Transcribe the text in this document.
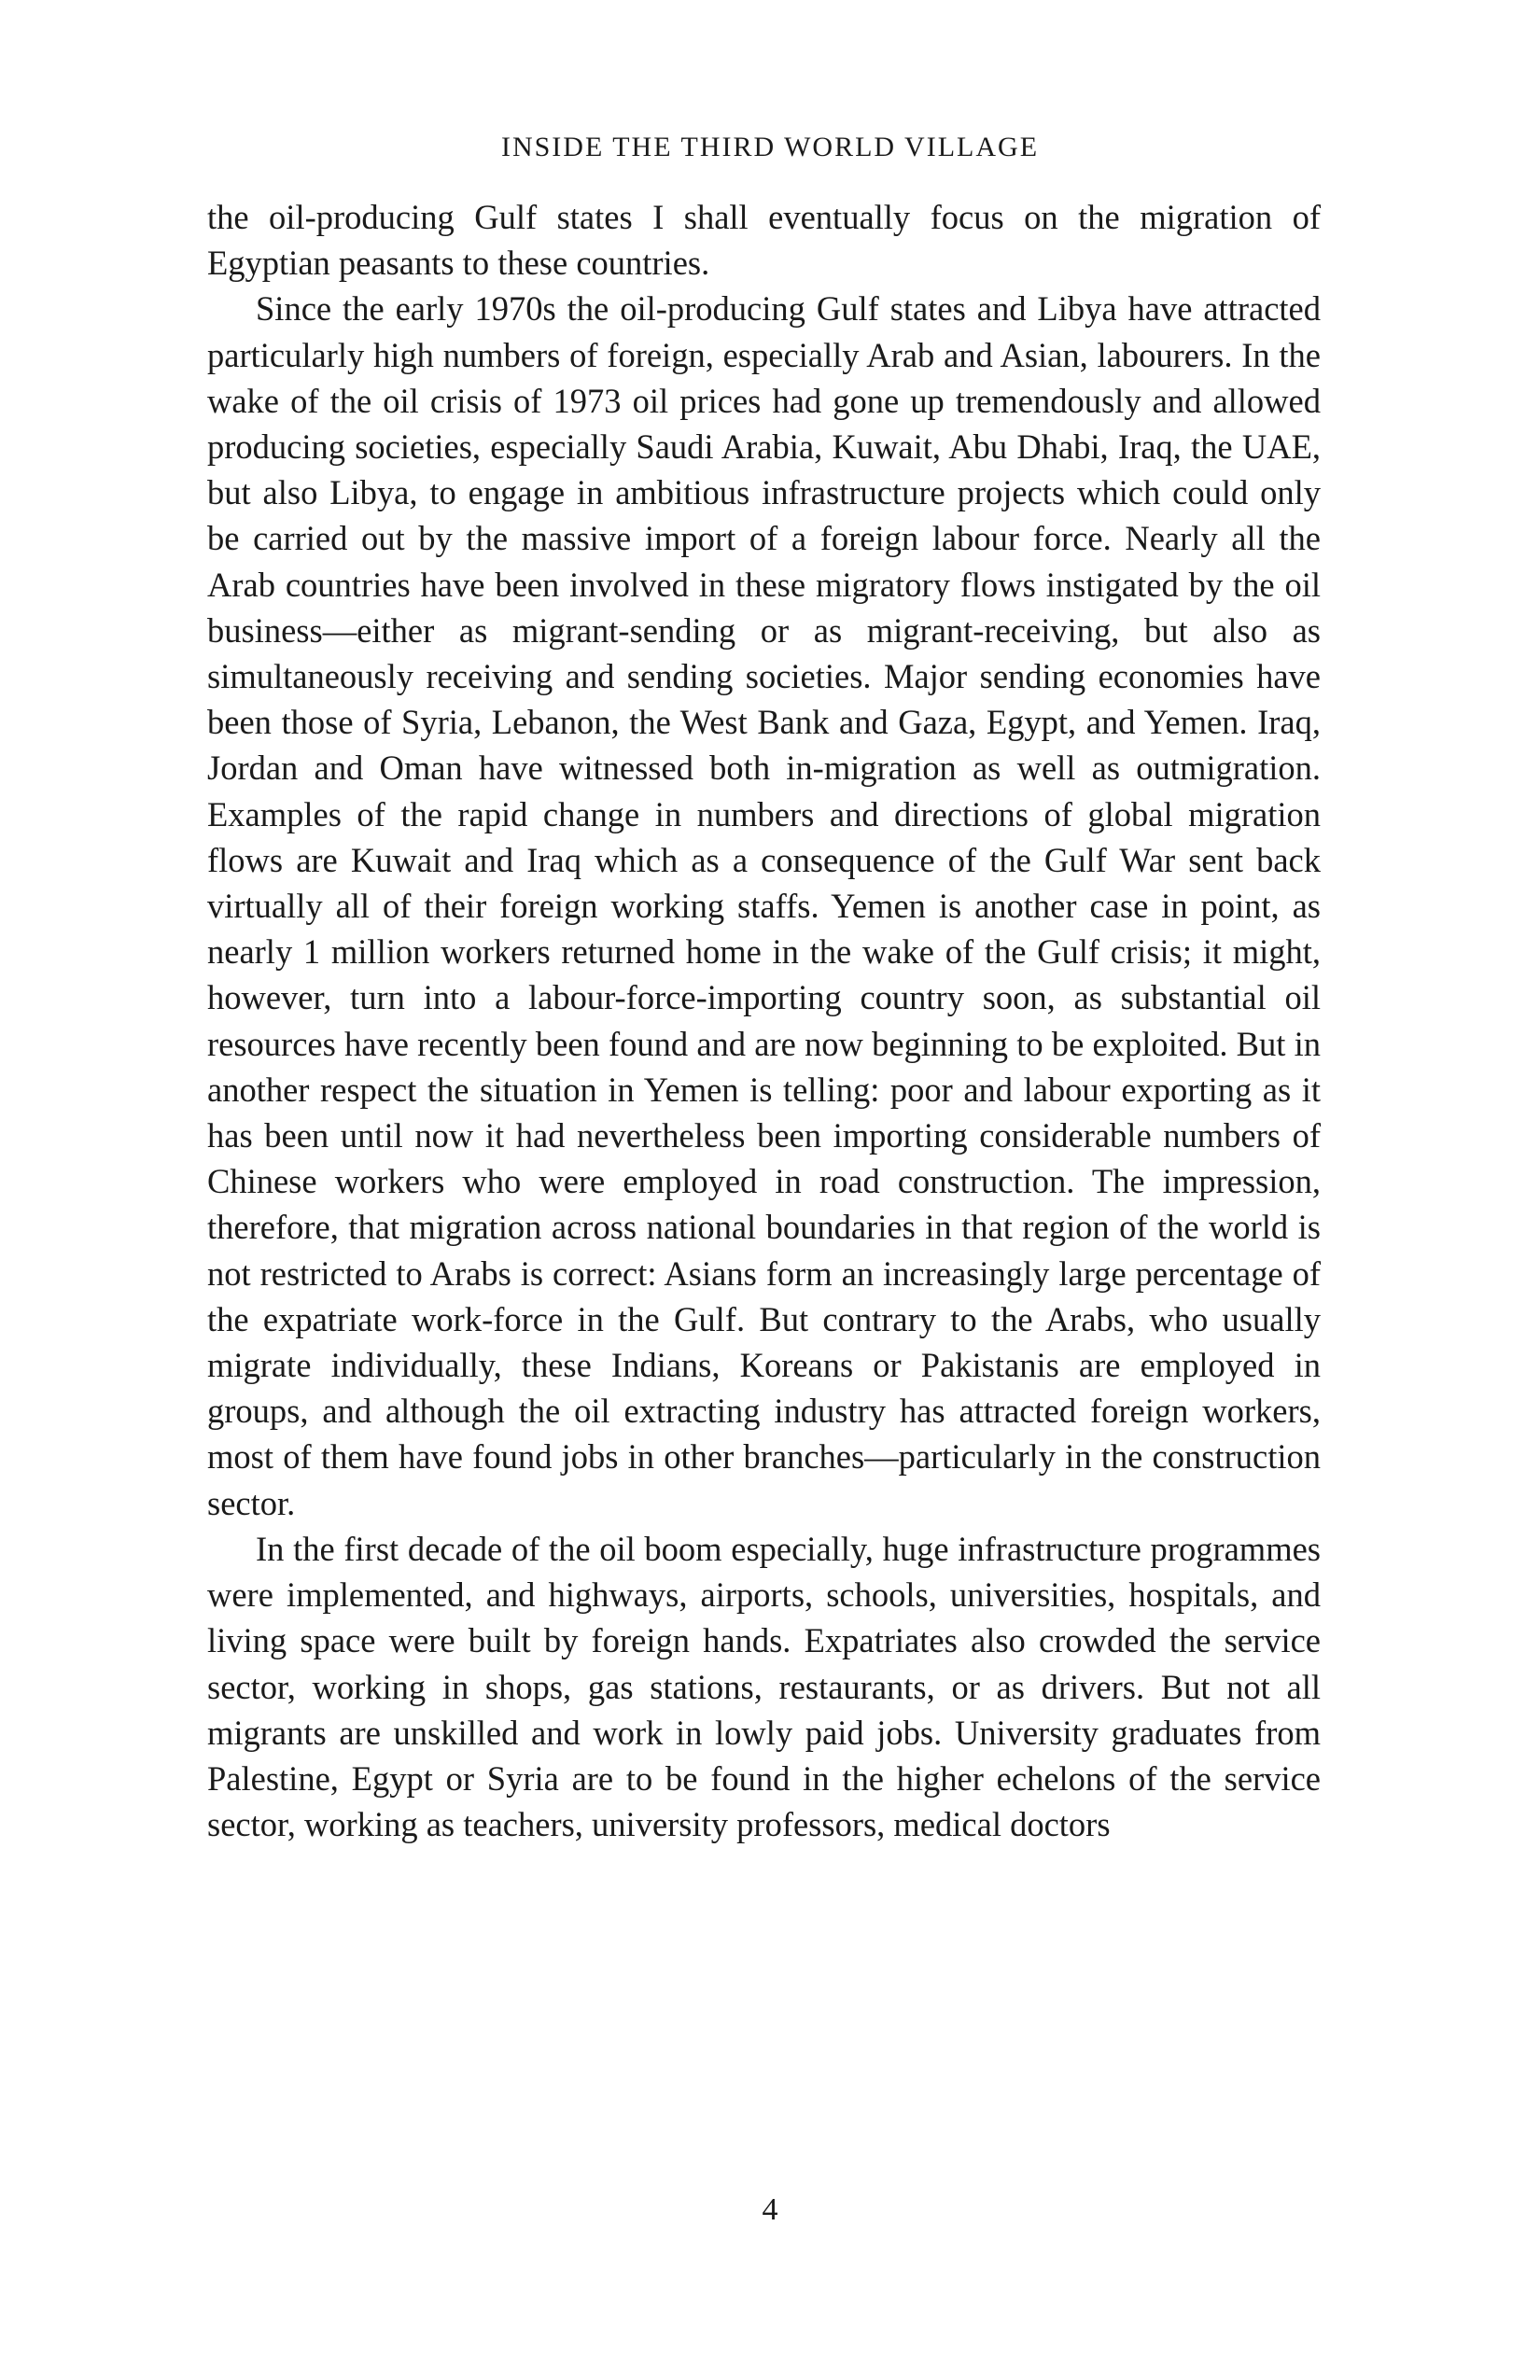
INSIDE THE THIRD WORLD VILLAGE

the oil-producing Gulf states I shall eventually focus on the migration of Egyptian peasants to these countries.

Since the early 1970s the oil-producing Gulf states and Libya have attracted particularly high numbers of foreign, especially Arab and Asian, labourers. In the wake of the oil crisis of 1973 oil prices had gone up tremendously and allowed producing societies, especially Saudi Arabia, Kuwait, Abu Dhabi, Iraq, the UAE, but also Libya, to engage in ambitious infrastructure projects which could only be carried out by the massive import of a foreign labour force. Nearly all the Arab countries have been involved in these migratory flows instigated by the oil business—either as migrant-sending or as migrant-receiving, but also as simultaneously receiving and sending societies. Major sending economies have been those of Syria, Lebanon, the West Bank and Gaza, Egypt, and Yemen. Iraq, Jordan and Oman have witnessed both in-migration as well as outmigration. Examples of the rapid change in numbers and directions of global migration flows are Kuwait and Iraq which as a consequence of the Gulf War sent back virtually all of their foreign working staffs. Yemen is another case in point, as nearly 1 million workers returned home in the wake of the Gulf crisis; it might, however, turn into a labour-force-importing country soon, as substantial oil resources have recently been found and are now beginning to be exploited. But in another respect the situation in Yemen is telling: poor and labour exporting as it has been until now it had nevertheless been importing considerable numbers of Chinese workers who were employed in road construction. The impression, therefore, that migration across national boundaries in that region of the world is not restricted to Arabs is correct: Asians form an increasingly large percentage of the expatriate work-force in the Gulf. But contrary to the Arabs, who usually migrate individually, these Indians, Koreans or Pakistanis are employed in groups, and although the oil extracting industry has attracted foreign workers, most of them have found jobs in other branches—particularly in the construction sector.

In the first decade of the oil boom especially, huge infrastructure programmes were implemented, and highways, airports, schools, universities, hospitals, and living space were built by foreign hands. Expatriates also crowded the service sector, working in shops, gas stations, restaurants, or as drivers. But not all migrants are unskilled and work in lowly paid jobs. University graduates from Palestine, Egypt or Syria are to be found in the higher echelons of the service sector, working as teachers, university professors, medical doctors

4
